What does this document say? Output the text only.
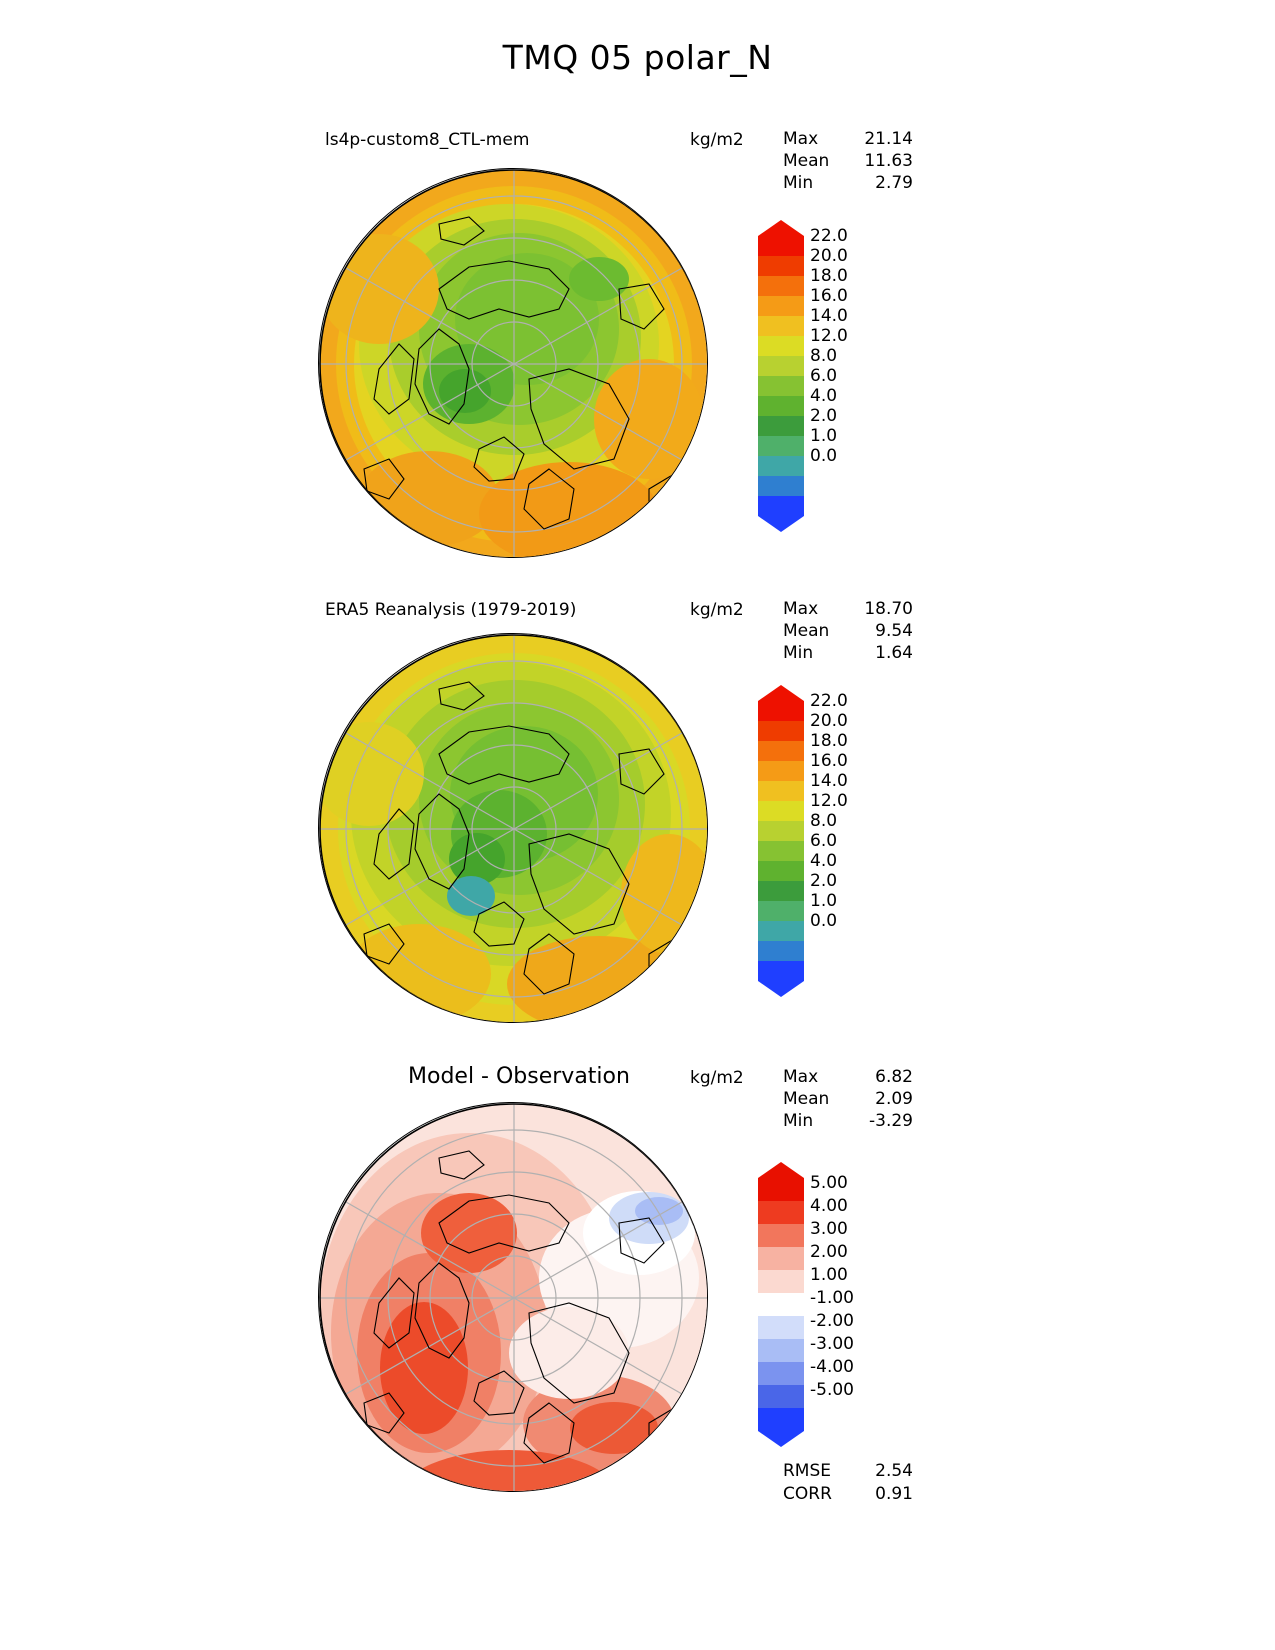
TMQ 05 polar_N
ls4p-custom8_CTL-mem	kg/m2 Max	21.14
Mean 11.63
Min	2.79
22.0
20.0
18.0
16.0
14.0
12.0
8.0
6.0
4.0
2.0
1.0
0.0
ERA5 Reanalysis (1979-2019)	kg/m2 Max	18.70
Mean	9.54
Min	1.64
22.0
20.0
18.0
16.0
14.0
12.0
8.0
6.0
4.0
2.0
1.0
0.0
Model - Observation	kg/m2 Max	6.82
Mean	2.09
Min	-3.29
5.00
4.00
3.00
2.00
1.00
-1.00
-2.00
-3.00
-4.00
-5.00
RMSE	2.54
CORR	0.91
